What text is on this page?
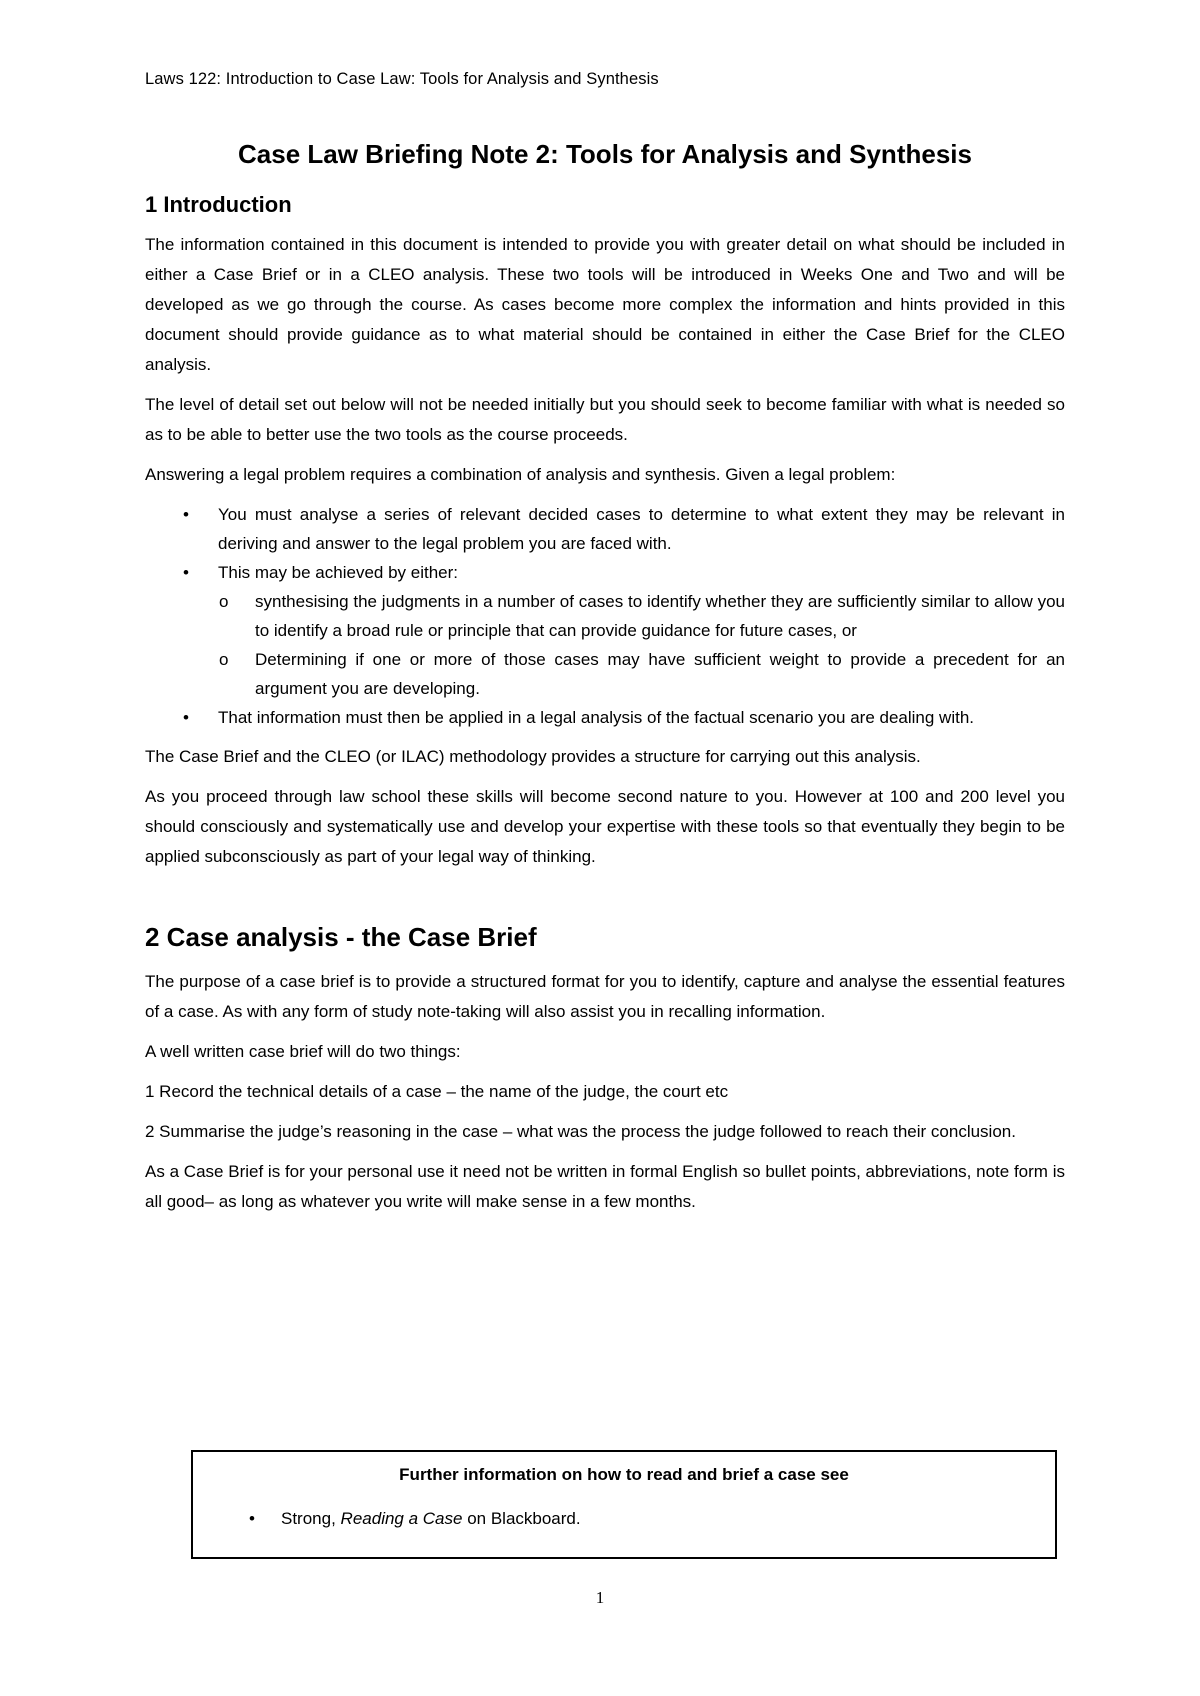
Laws 122: Introduction to Case Law: Tools for Analysis and Synthesis
Case Law Briefing Note 2: Tools for Analysis and Synthesis
1 Introduction

The information contained in this document is intended to provide you with greater detail on what should be included in either a Case Brief or in a CLEO analysis. These two tools will be introduced in Weeks One and Two and will be developed as we go through the course. As cases become more complex the information and hints provided in this document should provide guidance as to what material should be contained in either the Case Brief for the CLEO analysis.

The level of detail set out below will not be needed initially but you should seek to become familiar with what is needed so as to be able to better use the two tools as the course proceeds.

Answering a legal problem requires a combination of analysis and synthesis. Given a legal problem:

• You must analyse a series of relevant decided cases to determine to what extent they may be relevant in deriving and answer to the legal problem you are faced with.
• This may be achieved by either:
o synthesising the judgments in a number of cases to identify whether they are sufficiently similar to allow you to identify a broad rule or principle that can provide guidance for future cases, or
o Determining if one or more of those cases may have sufficient weight to provide a precedent for an argument you are developing.
• That information must then be applied in a legal analysis of the factual scenario you are dealing with.

The Case Brief and the CLEO (or ILAC) methodology provides a structure for carrying out this analysis.

As you proceed through law school these skills will become second nature to you. However at 100 and 200 level you should consciously and systematically use and develop your expertise with these tools so that eventually they begin to be applied subconsciously as part of your legal way of thinking.

2 Case analysis - the Case Brief

The purpose of a case brief is to provide a structured format for you to identify, capture and analyse the essential features of a case. As with any form of study note-taking will also assist you in recalling information.

A well written case brief will do two things:

1 Record the technical details of a case – the name of the judge, the court etc

2 Summarise the judge’s reasoning in the case – what was the process the judge followed to reach their conclusion.

As a Case Brief is for your personal use it need not be written in formal English so bullet points, abbreviations, note form is all good– as long as whatever you write will make sense in a few months.

Further information on how to read and brief a case see
• Strong, Reading a Case on Blackboard.
1
